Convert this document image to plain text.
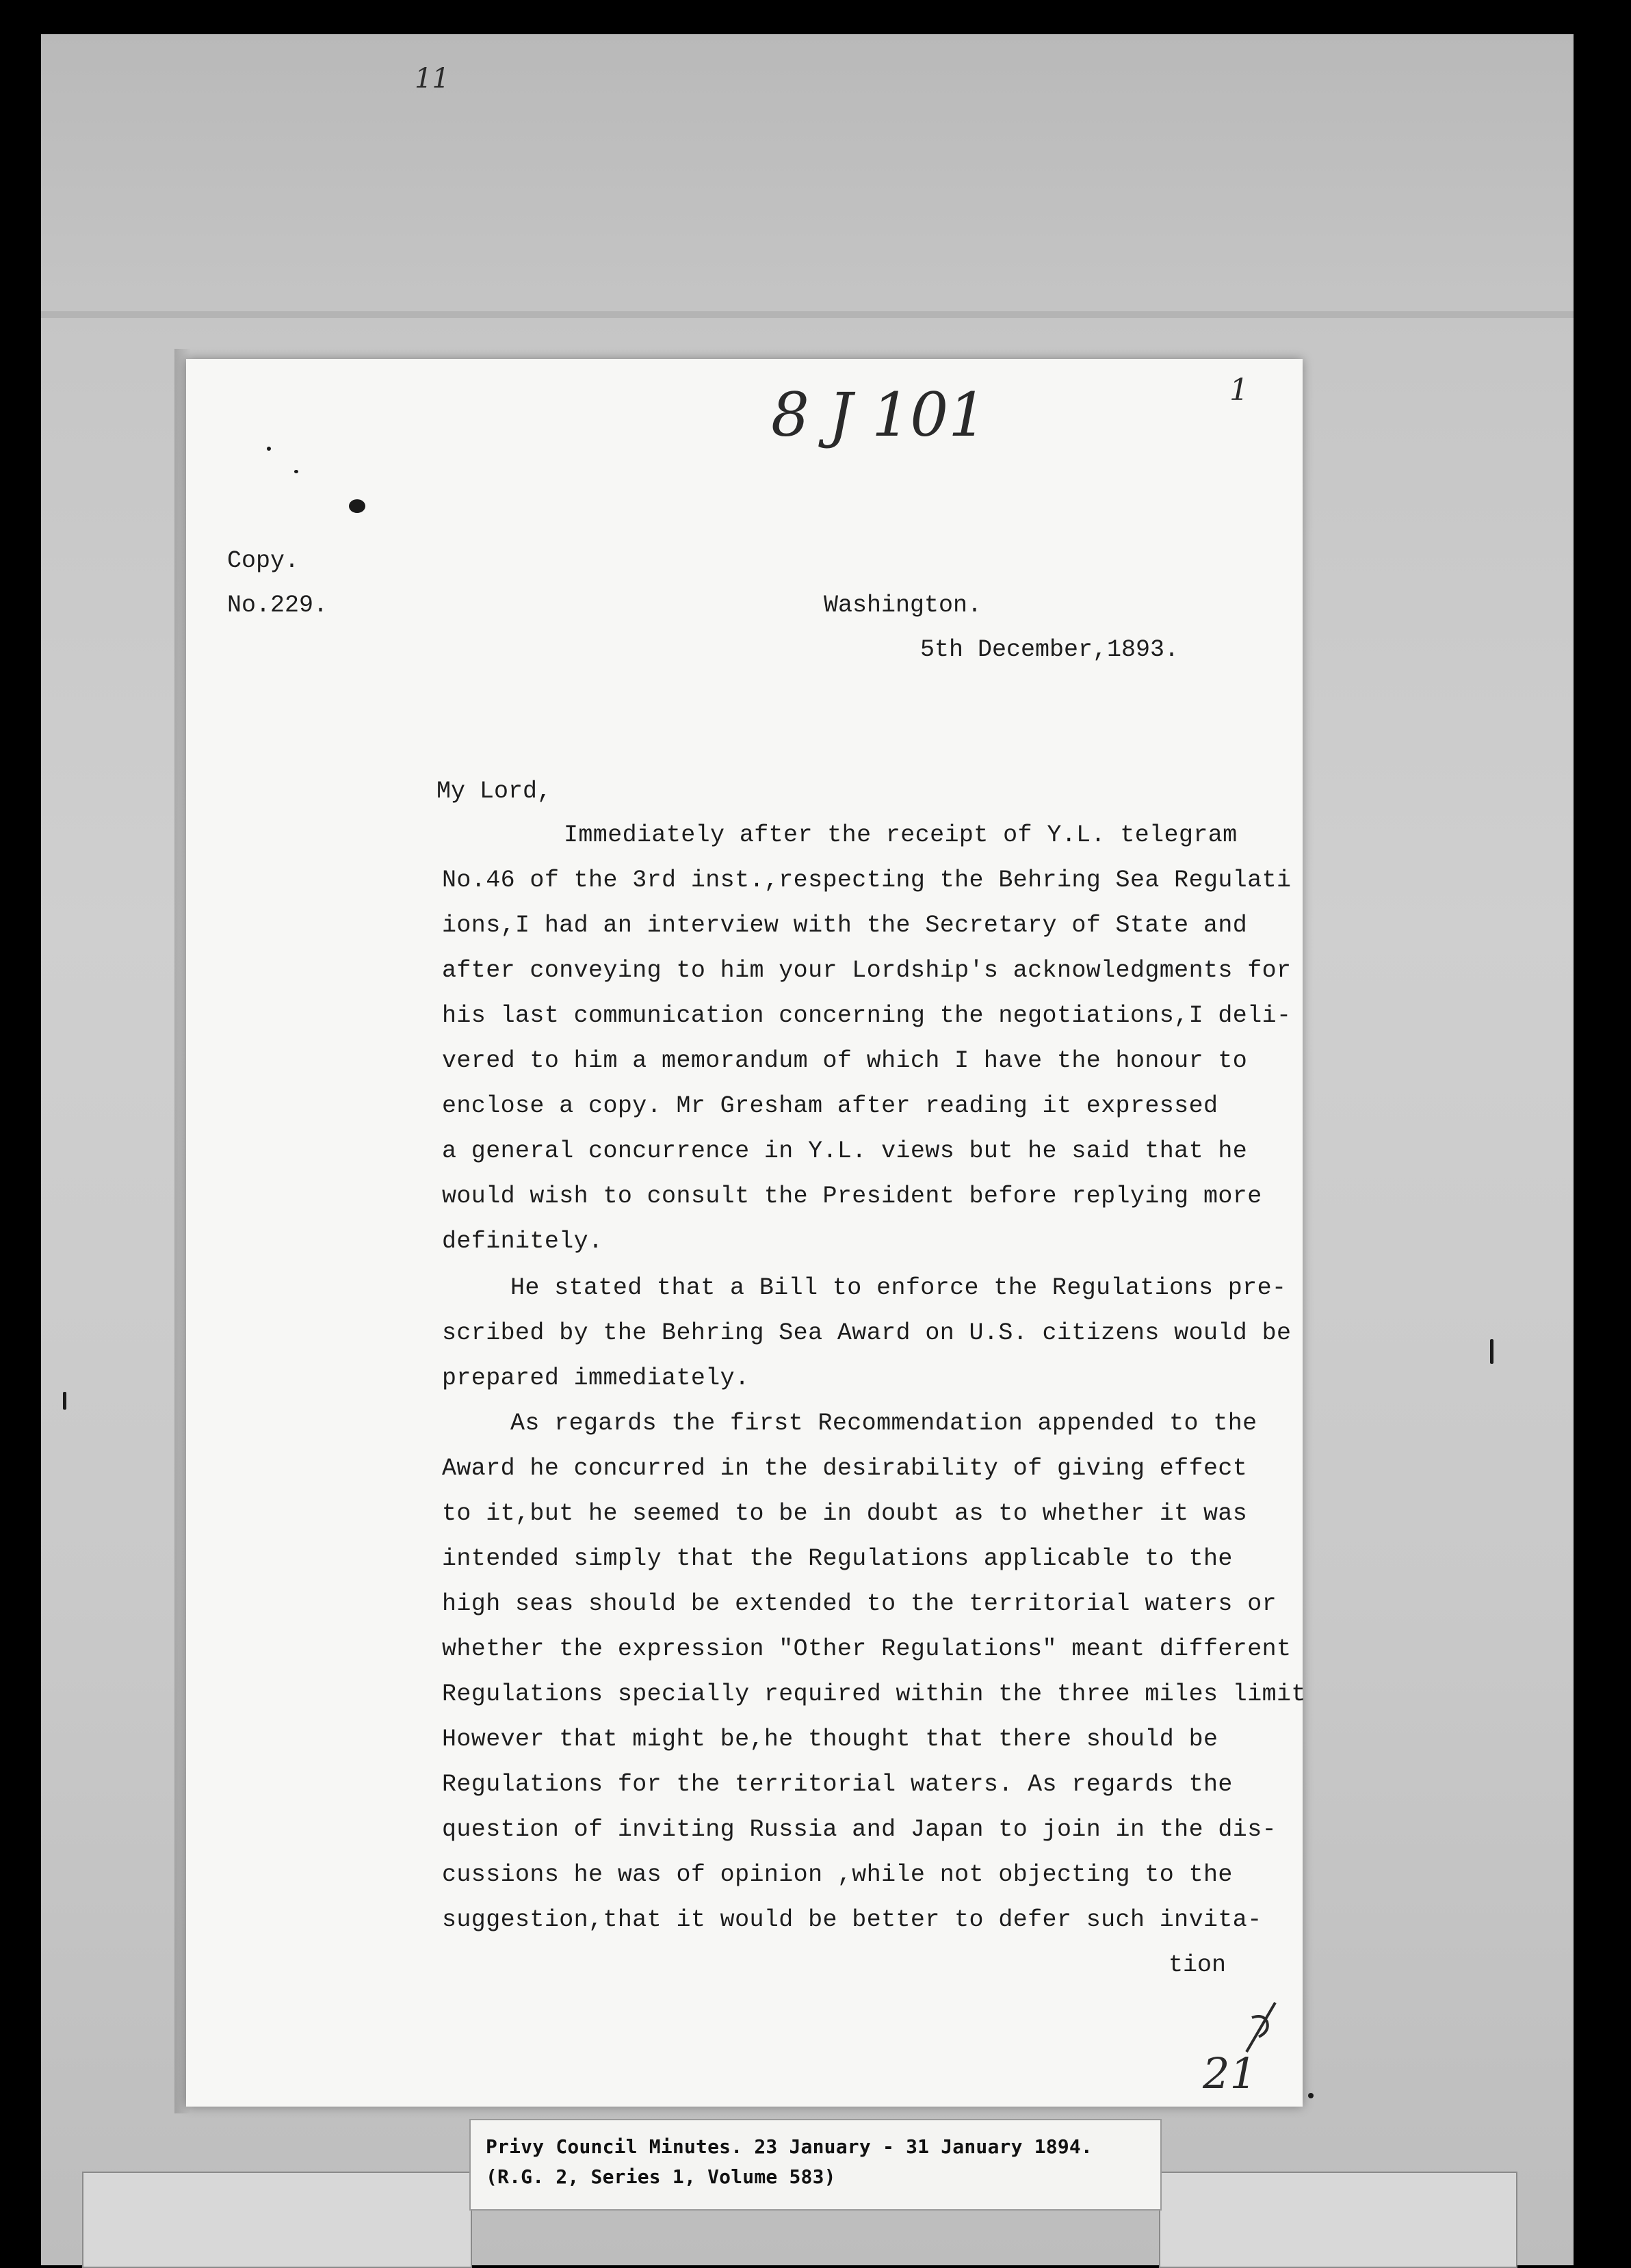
11

8 J 101	1

Copy.

No.229.	Washington.

5th December,1893.

My Lord,

Immediately after the receipt of Y.L. telegram

No.46 of the 3rd inst.,respecting the Behring Sea Regulati

ions,I had an interview with the Secretary of State and

after conveying to him your Lordship's acknowledgments for

his last communication concerning the negotiations,I deli-

vered to him a memorandum of which I have the honour to

enclose a copy. Mr Gresham after reading it expressed

a general concurrence in Y.L. views but he said that he

would wish to consult the President before replying more

definitely.

He stated that a Bill to enforce the Regulations pre-

scribed by the Behring Sea Award on U.S. citizens would be

prepared immediately.

As regards the first Recommendation appended to the

Award he concurred in the desirability of giving effect

to it,but he seemed to be in doubt as to whether it was

intended simply that the Regulations applicable to the

high seas should be extended to the territorial waters or

whether the expression "Other Regulations" meant different

Regulations specially required within the three miles limit

However that might be,he thought that there should be

Regulations for the territorial waters. As regards the

question of inviting Russia and Japan to join in the dis-

cussions he was of opinion ,while not objecting to the

suggestion,that it would be better to defer such invita-

tion

21

Privy Council Minutes. 23 January - 31 January 1894.

(R.G. 2, Series 1, Volume 583)
